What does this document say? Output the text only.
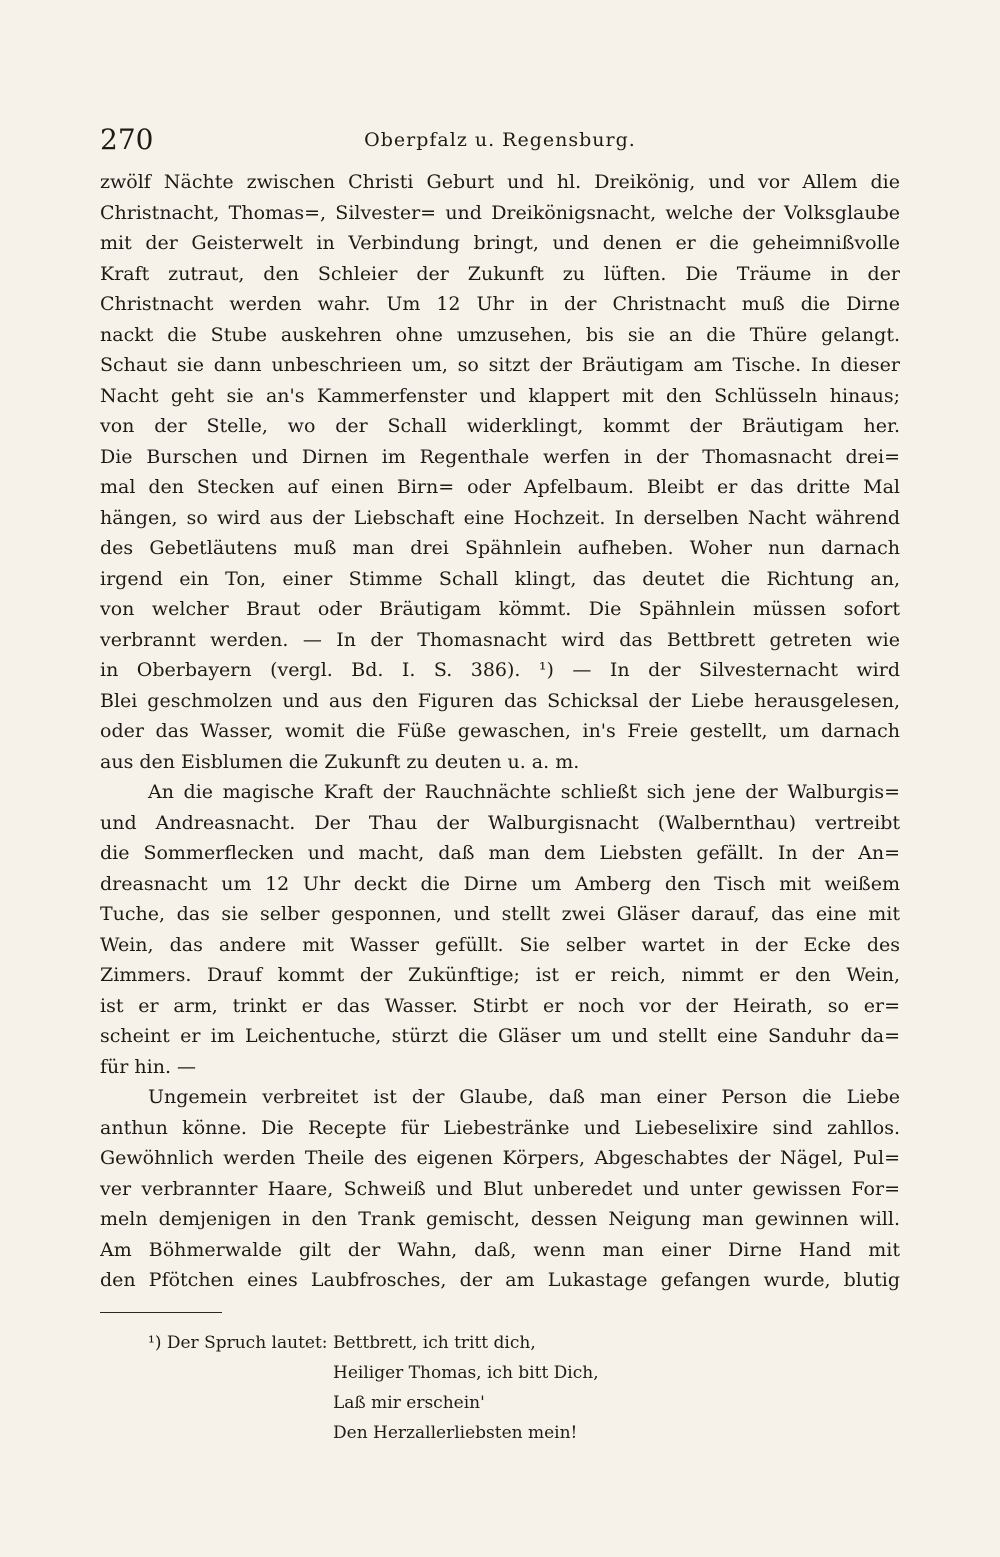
270	Oberpfalz u. Regensburg.
zwölf Nächte zwischen Christi Geburt und hl. Dreikönig, und vor Allem die
Christnacht, Thomas=, Silvester= und Dreikönigsnacht, welche der Volksglaube
mit der Geisterwelt in Verbindung bringt, und denen er die geheimnißvolle
Kraft zutraut, den Schleier der Zukunft zu lüften. Die Träume in der
Christnacht werden wahr. Um 12 Uhr in der Christnacht muß die Dirne
nackt die Stube auskehren ohne umzusehen, bis sie an die Thüre gelangt.
Schaut sie dann unbeschrieen um, so sitzt der Bräutigam am Tische. In dieser
Nacht geht sie an's Kammerfenster und klappert mit den Schlüsseln hinaus;
von der Stelle, wo der Schall widerklingt, kommt der Bräutigam her.
Die Burschen und Dirnen im Regenthale werfen in der Thomasnacht drei=
mal den Stecken auf einen Birn= oder Apfelbaum. Bleibt er das dritte Mal
hängen, so wird aus der Liebschaft eine Hochzeit. In derselben Nacht während
des Gebetläutens muß man drei Spähnlein aufheben. Woher nun darnach
irgend ein Ton, einer Stimme Schall klingt, das deutet die Richtung an,
von welcher Braut oder Bräutigam kömmt. Die Spähnlein müssen sofort
verbrannt werden. — In der Thomasnacht wird das Bettbrett getreten wie
in Oberbayern (vergl. Bd. I. S. 386). ¹) — In der Silvesternacht wird
Blei geschmolzen und aus den Figuren das Schicksal der Liebe herausgelesen,
oder das Wasser, womit die Füße gewaschen, in's Freie gestellt, um darnach
aus den Eisblumen die Zukunft zu deuten u. a. m.
An die magische Kraft der Rauchnächte schließt sich jene der Walburgis=
und Andreasnacht. Der Thau der Walburgisnacht (Walbernthau) vertreibt
die Sommerflecken und macht, daß man dem Liebsten gefällt. In der An=
dreasnacht um 12 Uhr deckt die Dirne um Amberg den Tisch mit weißem
Tuche, das sie selber gesponnen, und stellt zwei Gläser darauf, das eine mit
Wein, das andere mit Wasser gefüllt. Sie selber wartet in der Ecke des
Zimmers. Drauf kommt der Zukünftige; ist er reich, nimmt er den Wein,
ist er arm, trinkt er das Wasser. Stirbt er noch vor der Heirath, so er=
scheint er im Leichentuche, stürzt die Gläser um und stellt eine Sanduhr da=
für hin. —
Ungemein verbreitet ist der Glaube, daß man einer Person die Liebe
anthun könne. Die Recepte für Liebestränke und Liebeselixire sind zahllos.
Gewöhnlich werden Theile des eigenen Körpers, Abgeschabtes der Nägel, Pul=
ver verbrannter Haare, Schweiß und Blut unberedet und unter gewissen For=
meln demjenigen in den Trank gemischt, dessen Neigung man gewinnen will.
Am Böhmerwalde gilt der Wahn, daß, wenn man einer Dirne Hand mit
den Pfötchen eines Laubfrosches, der am Lukastage gefangen wurde, blutig
¹) Der Spruch lautet: Bettbrett, ich tritt dich,
Heiliger Thomas, ich bitt Dich,
Laß mir erschein'
Den Herzallerliebsten mein!
